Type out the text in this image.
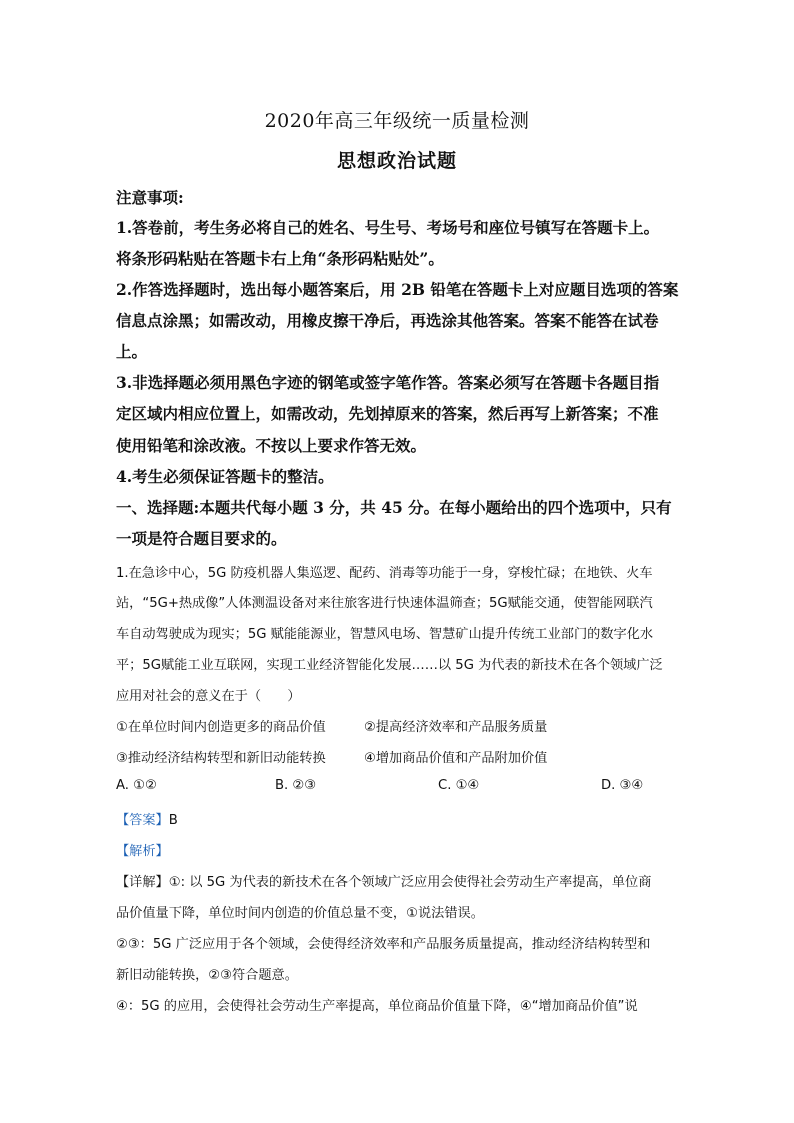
2020年高三年级统一质量检测
思想政治试题
注意事项:
1.答卷前，考生务必将自己的姓名、号生号、考场号和座位号镇写在答题卡上。
将条形码粘贴在答题卡右上角“条形码粘贴处”。
2.作答选择题时，选出每小题答案后，用 2B 铅笔在答题卡上对应题目选项的答案
信息点涂黑；如需改动，用橡皮擦干净后，再选涂其他答案。答案不能答在试卷
上。
3.非选择题必须用黑色字迹的钢笔或签字笔作答。答案必须写在答题卡各题目指
定区域内相应位置上，如需改动，先划掉原来的答案，然后再写上新答案；不准
使用铅笔和涂改液。不按以上要求作答无效。
4.考生必须保证答题卡的整洁。
一、选择题:本题共代每小题 3 分，共 45 分。在每小题给出的四个选项中，只有
一项是符合题目要求的。
1.在急诊中心，5G 防疫机器人集巡逻、配药、消毒等功能于一身，穿梭忙碌；在地铁、火车
站，“5G+热成像”人体测温设备对来往旅客进行快速体温筛查；5G赋能交通，使智能网联汽
车自动驾驶成为现实；5G 赋能能源业，智慧风电场、智慧矿山提升传统工业部门的数字化水
平；5G赋能工业互联网，实现工业经济智能化发展……以 5G 为代表的新技术在各个领域广泛
应用对社会的意义在于（　　）
①在单位时间内创造更多的商品价值	②提高经济效率和产品服务质量
③推动经济结构转型和新旧动能转换	④增加商品价值和产品附加价值
A. ①②	B. ②③	C. ①④	D. ③④
【答案】B
【解析】
【详解】①: 以 5G 为代表的新技术在各个领域广泛应用会使得社会劳动生产率提高，单位商
品价值量下降，单位时间内创造的价值总量不变，①说法错误。
②③：5G 广泛应用于各个领域，会使得经济效率和产品服务质量提高，推动经济结构转型和
新旧动能转换，②③符合题意。
④：5G 的应用，会使得社会劳动生产率提高，单位商品价值量下降，④“增加商品价值”说
